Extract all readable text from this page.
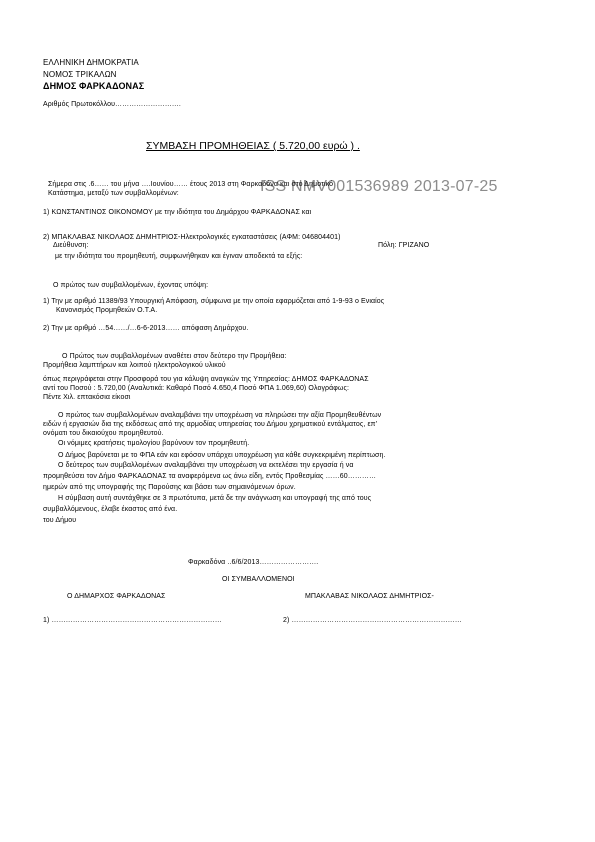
ΕΛΛΗΝΙΚΗ ΔΗΜΟΚΡΑΤΙΑ
ΝΟΜΟΣ ΤΡΙΚΑΛΩΝ
ΔΗΜΟΣ ΦΑΡΚΑΔΟΝΑΣ
Αριθμός Πρωτοκόλλου……………………….
ΣΥΜΒΑΣΗ ΠΡΟΜΗΘΕΙΑΣ ( 5.720,00 ευρώ ) .
ISS NMV001536989 2013-07-25
Σήμερα στις .6…… του μήνα ….Ιουνίου…… έτους 2013 στη Φαρκαδόνα και στο Δημοτικό
Κατάστημα, μεταξύ των συμβαλλομένων:
1) ΚΩΝΣΤΑΝΤΙΝΟΣ ΟΙΚΟΝΟΜΟΥ με την ιδιότητα του Δημάρχου ΦΑΡΚΑΔΟΝΑΣ και
2) ΜΠΑΚΛΑΒΑΣ ΝΙΚΟΛΑΟΣ ΔΗΜΗΤΡΙΟΣ-Ηλεκτρολογικές εγκαταστάσεις (ΑΦΜ: 046804401)
Διεύθυνση:	Πόλη: ΓΡΙΖΑΝΟ
με την ιδιότητα του προμηθευτή, συμφωνήθηκαν και έγιναν αποδεκτά τα εξής:
Ο πρώτος των συμβαλλομένων, έχοντας υπόψη:
1) Την με αριθμό 11389/93 Υπουργική Απόφαση, σύμφωνα με την οποία εφαρμόζεται από 1-9-93 ο Ενιαίος
Κανονισμός Προμηθειών Ο.Τ.Α.
2) Την με αριθμό …54……/…6-6-2013…… απόφαση Δημάρχου.
Ο Πρώτος των συμβαλλομένων αναθέτει στον δεύτερο την Προμήθεια:
Προμήθεια λαμπτήρων και λοιπού ηλεκτρολογικού υλικού
όπως περιγράφεται στην Προσφορά του για κάλυψη αναγκών της Υπηρεσίας: ΔΗΜΟΣ ΦΑΡΚΑΔΟΝΑΣ
αντί του Ποσού : 5.720,00 (Αναλυτικά: Καθαρό Ποσό 4.650,4 Ποσό ΦΠΑ 1.069,60) Ολογράφως:
Πέντε Χιλ. επτακόσια είκοσι
Ο πρώτος των συμβαλλομένων αναλαμβάνει την υποχρέωση να πληρώσει την αξία Προμηθευθέντων
ειδών ή εργασιών δια της εκδόσεως από της αρμοδίας υπηρεσίας του Δήμου χρηματικού εντάλματος, επ'
ονόματι του δικαιούχου προμηθευτού.
Οι νόμιμες κρατήσεις τιμολογίου βαρύνουν τον προμηθευτή.
Ο Δήμος βαρύνεται με το ΦΠΑ εάν και εφόσον υπάρχει υποχρέωση για κάθε συγκεκριμένη περίπτωση.
Ο δεύτερος των συμβαλλομένων αναλαμβάνει την υποχρέωση να εκτελέσει την εργασία ή να
προμηθεύσει τον Δήμο ΦΑΡΚΑΔΟΝΑΣ τα αναφερόμενα ως άνω είδη, εντός Προθεσμίας ……60…………
ημερών από της υπογραφής της Παρούσης και βάσει των σημαινόμενων όρων.
Η σύμβαση αυτή συντάχθηκε σε 3 πρωτότυπα, μετά δε την ανάγνωση και υπογραφή της από τους
συμβαλλόμενους, έλαβε έκαστος από ένα.
του Δήμου
Φαρκαδόνα ..6/6/2013…………………….
ΟΙ ΣΥΜΒΑΛΛΟΜΕΝΟΙ
Ο ΔΗΜΑΡΧΟΣ ΦΑΡΚΑΔΟΝΑΣ	ΜΠΑΚΛΑΒΑΣ ΝΙΚΟΛΑΟΣ ΔΗΜΗΤΡΙΟΣ-
1) ………………………………………………………………	2) ………………………………………………………………
